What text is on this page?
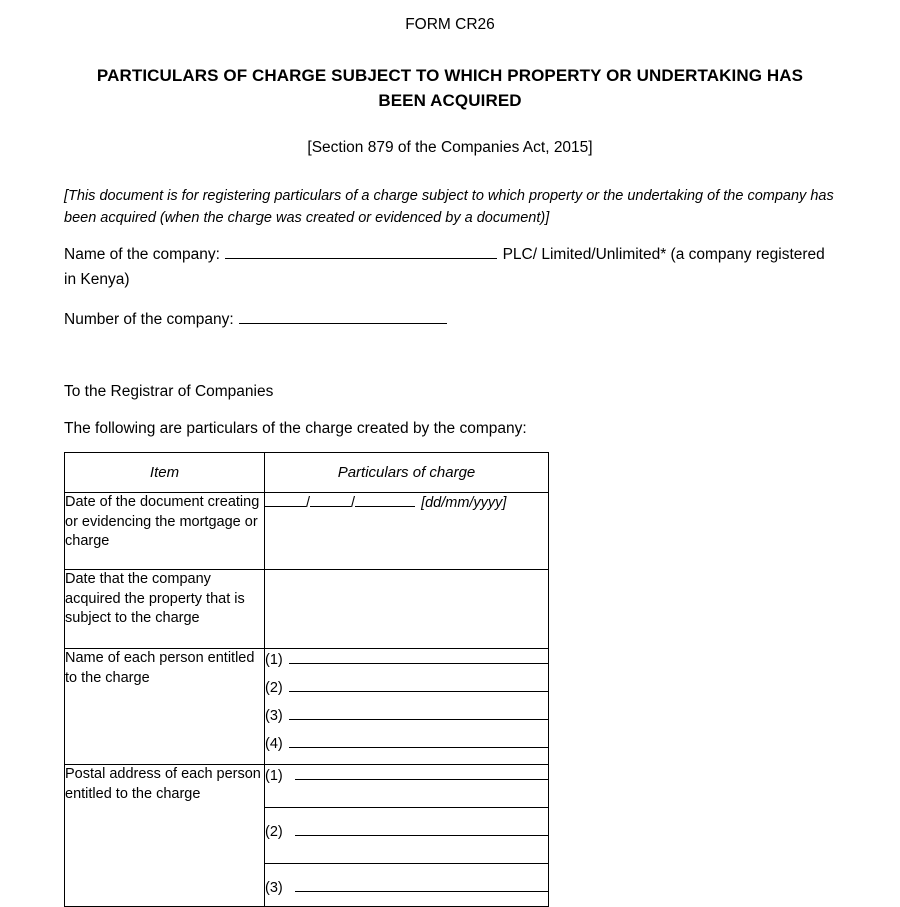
FORM CR26
PARTICULARS OF CHARGE SUBJECT TO WHICH PROPERTY OR UNDERTAKING HAS BEEN ACQUIRED
[Section 879 of the Companies Act, 2015]
[This document is for registering particulars of a charge subject to which property or the undertaking of the company has been acquired (when the charge was created or evidenced by a document)]
Name of the company:	PLC/ Limited/Unlimited* (a company registered in Kenya)
Number of the company:
To the Registrar of Companies
The following are particulars of the charge created by the company:
Item	Particulars of charge
Date of the document creating or evidencing the mortgage or charge	/ / [dd/mm/yyyy]

Date that the company acquired the property that is subject to the charge	
Name of each person entitled to the charge	(1)
(2)
(3)
(4)

Postal address of each person entitled to the charge	(1)
(2)
(3)
